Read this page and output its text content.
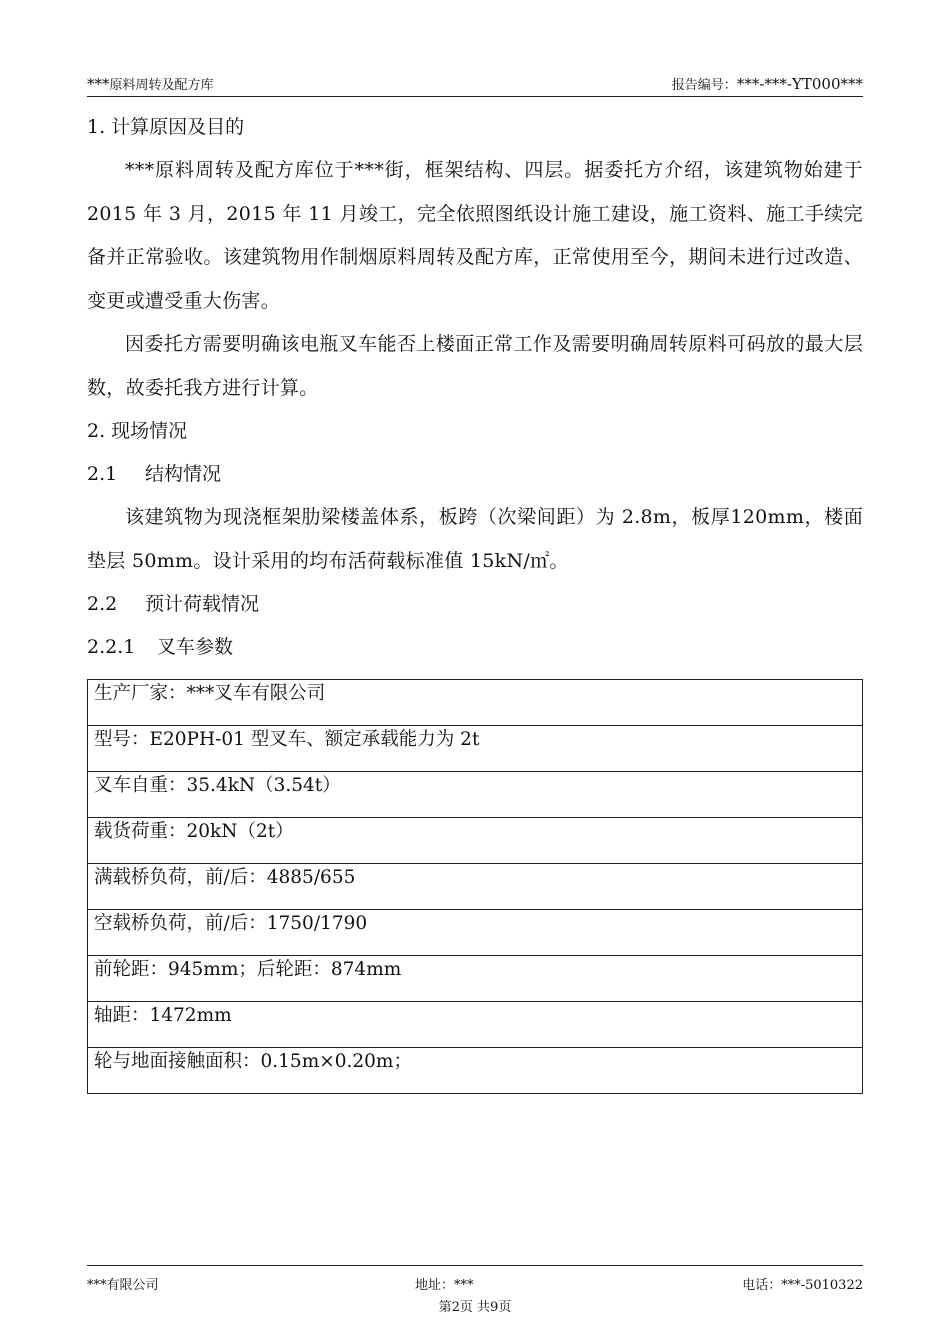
***原料周转及配方库	报告编号：***-***-YT000***

1. 计算原因及目的

***原料周转及配方库位于***街，框架结构、四层。据委托方介绍，该建筑物始建于 2015 年 3 月，2015 年 11 月竣工，完全依照图纸设计施工建设，施工资料、施工手续完备并正常验收。该建筑物用作制烟原料周转及配方库，正常使用至今，期间未进行过改造、变更或遭受重大伤害。

因委托方需要明确该电瓶叉车能否上楼面正常工作及需要明确周转原料可码放的最大层数，故委托我方进行计算。

2. 现场情况

2.1 结构情况

该建筑物为现浇框架肋梁楼盖体系，板跨（次梁间距）为 2.8m，板厚120mm，楼面垫层 50mm。设计采用的均布活荷载标准值 15kN/㎡。

2.2 预计荷载情况

2.2.1 叉车参数

生产厂家：***叉车有限公司
型号：E20PH-01 型叉车、额定承载能力为 2t
叉车自重：35.4kN（3.54t）
载货荷重：20kN（2t）
满载桥负荷，前/后：4885/655
空载桥负荷，前/后：1750/1790
前轮距：945mm；后轮距：874mm
轴距：1472mm
轮与地面接触面积：0.15m×0.20m；
***有限公司	地址：***	电话：***-5010322
第2页 共9页
